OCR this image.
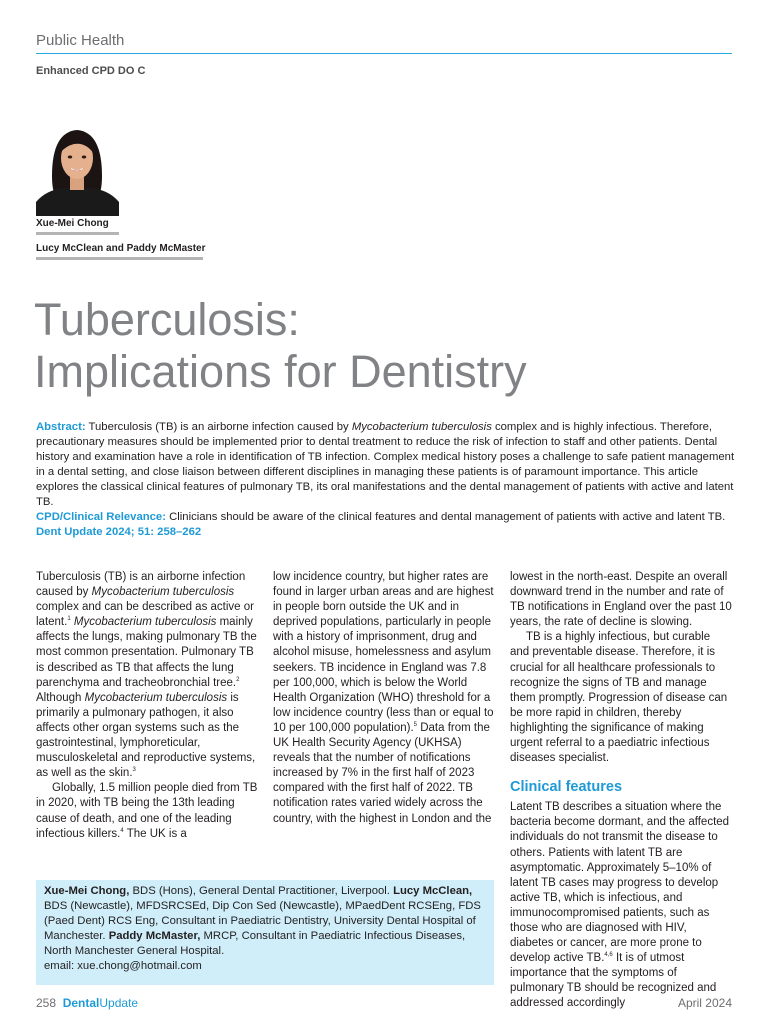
Public Health
Enhanced CPD DO C
Xue-Mei Chong
Lucy McClean and Paddy McMaster
Tuberculosis:
Implications for Dentistry

Abstract: Tuberculosis (TB) is an airborne infection caused by Mycobacterium tuberculosis complex and is highly infectious. Therefore, precautionary measures should be implemented prior to dental treatment to reduce the risk of infection to staff and other patients. Dental history and examination have a role in identification of TB infection. Complex medical history poses a challenge to safe patient management in a dental setting, and close liaison between different disciplines in managing these patients is of paramount importance. This article explores the classical clinical features of pulmonary TB, its oral manifestations and the dental management of patients with active and latent TB.

CPD/Clinical Relevance: Clinicians should be aware of the clinical features and dental management of patients with active and latent TB.

Dent Update 2024; 51: 258–262

Tuberculosis (TB) is an airborne infection caused by Mycobacterium tuberculosis complex and can be described as active or latent.$^1$ Mycobacterium tuberculosis mainly affects the lungs, making pulmonary TB the most common presentation. Pulmonary TB is described as TB that affects the lung parenchyma and tracheobronchial tree.$^2$ Although Mycobacterium tuberculosis is primarily a pulmonary pathogen, it also affects other organ systems such as the gastrointestinal, lymphoreticular, musculoskeletal and reproductive systems, as well as the skin.$^3$

Globally, 1.5 million people died from TB in 2020, with TB being the 13th leading cause of death, and one of the leading infectious killers.$^4$ The UK is a

low incidence country, but higher rates are found in larger urban areas and are highest in people born outside the UK and in deprived populations, particularly in people with a history of imprisonment, drug and alcohol misuse, homelessness and asylum seekers. TB incidence in England was 7.8 per 100,000, which is below the World Health Organization (WHO) threshold for a low incidence country (less than or equal to 10 per 100,000 population).$^5$ Data from the UK Health Security Agency (UKHSA) reveals that the number of notifications increased by 7% in the first half of 2023 compared with the first half of 2022. TB notification rates varied widely across the country, with the highest in London and the

lowest in the north-east. Despite an overall downward trend in the number and rate of TB notifications in England over the past 10 years, the rate of decline is slowing.

TB is a highly infectious, but curable and preventable disease. Therefore, it is crucial for all healthcare professionals to recognize the signs of TB and manage them promptly. Progression of disease can be more rapid in children, thereby highlighting the significance of making urgent referral to a paediatric infectious diseases specialist.

Clinical features

Latent TB describes a situation where the bacteria become dormant, and the affected individuals do not transmit the disease to others. Patients with latent TB are asymptomatic. Approximately 5–10% of latent TB cases may progress to develop active TB, which is infectious, and immunocompromised patients, such as those who are diagnosed with HIV, diabetes or cancer, are more prone to develop active TB.$^{4,6}$ It is of utmost importance that the symptoms of pulmonary TB should be recognized and addressed accordingly

Xue-Mei Chong, BDS (Hons), General Dental Practitioner, Liverpool. Lucy McClean, BDS (Newcastle), MFDSRCSEd, Dip Con Sed (Newcastle), MPaedDent RCSEng, FDS (Paed Dent) RCS Eng, Consultant in Paediatric Dentistry, University Dental Hospital of Manchester. Paddy McMaster, MRCP, Consultant in Paediatric Infectious Diseases, North Manchester General Hospital.

email: xue.chong@hotmail.com

258 DentalUpdate	April 2024
